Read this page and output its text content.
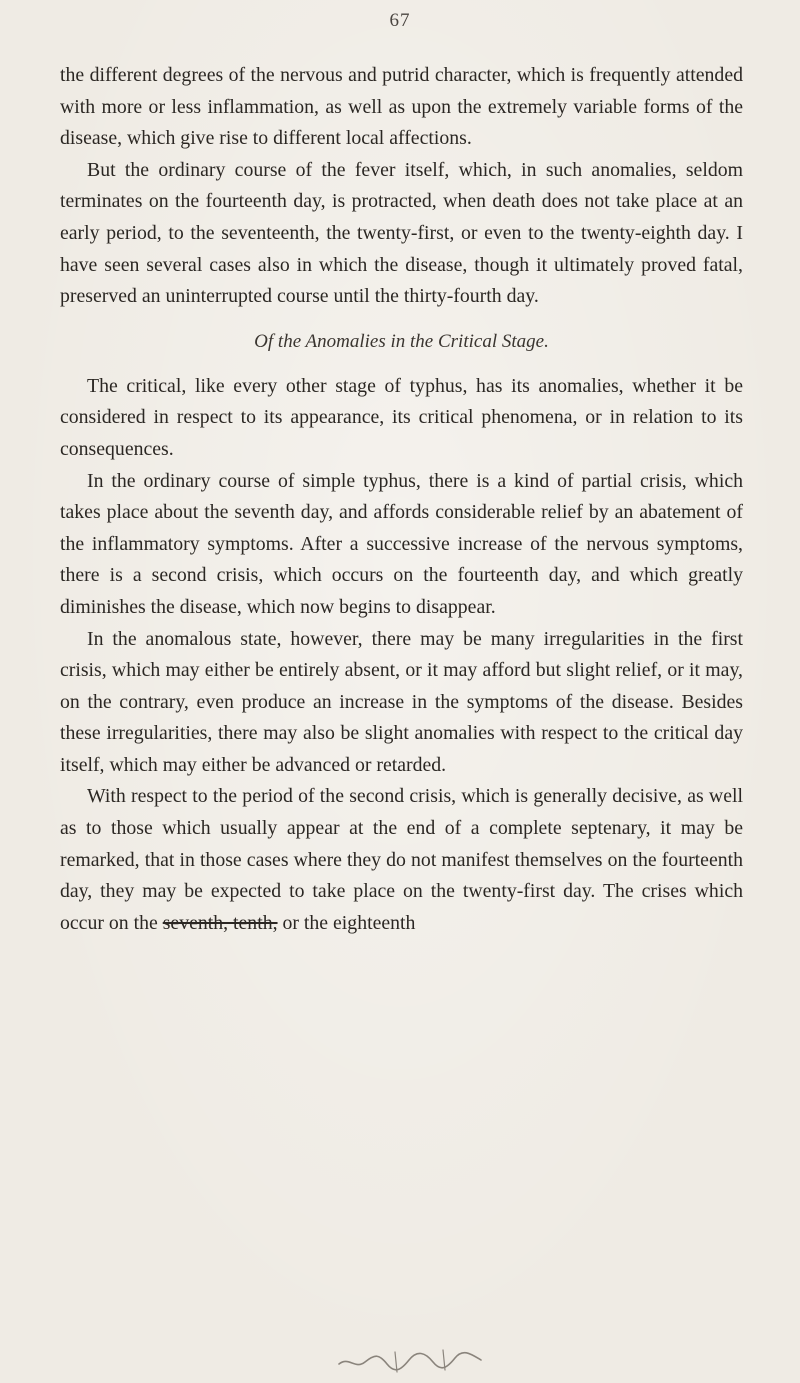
67

the different degrees of the nervous and putrid character, which is frequently attended with more or less inflammation, as well as upon the extremely variable forms of the disease, which give rise to different local affections.

But the ordinary course of the fever itself, which, in such anomalies, seldom terminates on the fourteenth day, is protracted, when death does not take place at an early period, to the seventeenth, the twenty-first, or even to the twenty-eighth day. I have seen several cases also in which the disease, though it ultimately proved fatal, preserved an uninterrupted course until the thirty-fourth day.

Of the Anomalies in the Critical Stage.

The critical, like every other stage of typhus, has its anomalies, whether it be considered in respect to its appearance, its critical phenomena, or in relation to its consequences.

In the ordinary course of simple typhus, there is a kind of partial crisis, which takes place about the seventh day, and affords considerable relief by an abatement of the inflammatory symptoms. After a successive increase of the nervous symptoms, there is a second crisis, which occurs on the fourteenth day, and which greatly diminishes the disease, which now begins to disappear.

In the anomalous state, however, there may be many irregularities in the first crisis, which may either be entirely absent, or it may afford but slight relief, or it may, on the contrary, even produce an increase in the symptoms of the disease. Besides these irregularities, there may also be slight anomalies with respect to the critical day itself, which may either be advanced or retarded.

With respect to the period of the second crisis, which is generally decisive, as well as to those which usually appear at the end of a complete septenary, it may be remarked, that in those cases where they do not manifest themselves on the fourteenth day, they may be expected to take place on the twenty-first day. The crises which occur on the seventh, tenth, or the eighteenth
